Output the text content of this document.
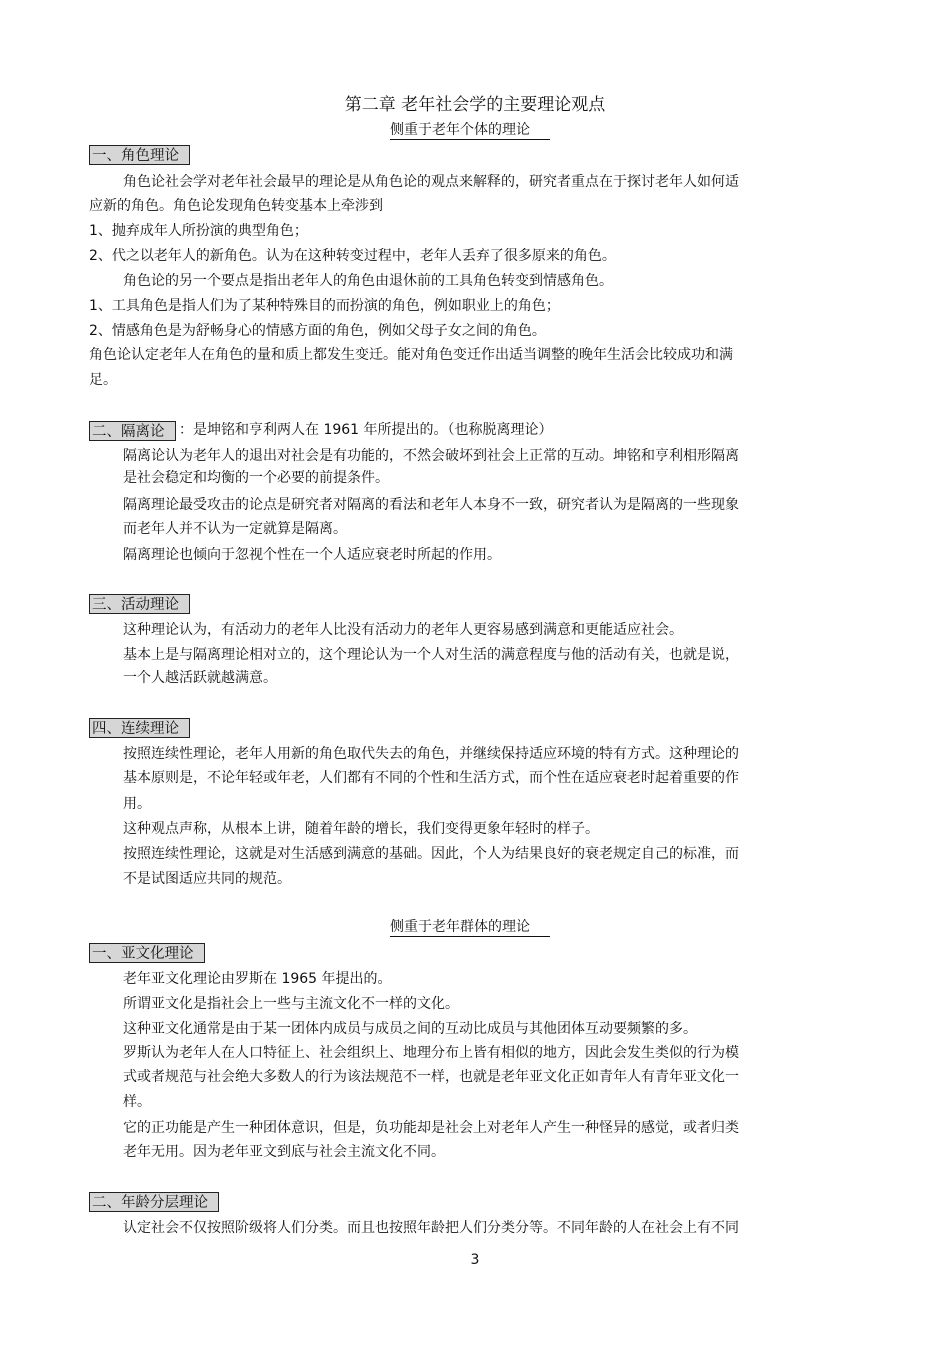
第二章 老年社会学的主要理论观点
侧重于老年个体的理论
一、角色理论
角色论社会学对老年社会最早的理论是从角色论的观点来解释的，研究者重点在于探讨老年人如何适
应新的角色。角色论发现角色转变基本上牵涉到
1、抛弃成年人所扮演的典型角色；
2、代之以老年人的新角色。认为在这种转变过程中，老年人丢弃了很多原来的角色。
角色论的另一个要点是指出老年人的角色由退休前的工具角色转变到情感角色。
1、工具角色是指人们为了某种特殊目的而扮演的角色，例如职业上的角色；
2、情感角色是为舒畅身心的情感方面的角色，例如父母子女之间的角色。
角色论认定老年人在角色的量和质上都发生变迁。能对角色变迁作出适当调整的晚年生活会比较成功和满
足。
二、隔离论	：是坤铭和亨利两人在 1961 年所提出的。（也称脱离理论）
隔离论认为老年人的退出对社会是有功能的，不然会破坏到社会上正常的互动。坤铭和亨利相形隔离
是社会稳定和均衡的一个必要的前提条件。
隔离理论最受攻击的论点是研究者对隔离的看法和老年人本身不一致，研究者认为是隔离的一些现象
而老年人并不认为一定就算是隔离。
隔离理论也倾向于忽视个性在一个人适应衰老时所起的作用。
三、活动理论
这种理论认为，有活动力的老年人比没有活动力的老年人更容易感到满意和更能适应社会。
基本上是与隔离理论相对立的，这个理论认为一个人对生活的满意程度与他的活动有关，也就是说，
一个人越活跃就越满意。
四、连续理论
按照连续性理论，老年人用新的角色取代失去的角色，并继续保持适应环境的特有方式。这种理论的
基本原则是，不论年轻或年老，人们都有不同的个性和生活方式，而个性在适应衰老时起着重要的作
用。
这种观点声称，从根本上讲，随着年龄的增长，我们变得更象年轻时的样子。
按照连续性理论，这就是对生活感到满意的基础。因此，个人为结果良好的衰老规定自己的标准，而
不是试图适应共同的规范。
侧重于老年群体的理论
一、亚文化理论
老年亚文化理论由罗斯在 1965 年提出的。
所谓亚文化是指社会上一些与主流文化不一样的文化。
这种亚文化通常是由于某一团体内成员与成员之间的互动比成员与其他团体互动要频繁的多。
罗斯认为老年人在人口特征上、社会组织上、地理分布上皆有相似的地方，因此会发生类似的行为模
式或者规范与社会绝大多数人的行为该法规范不一样，也就是老年亚文化正如青年人有青年亚文化一
样。
它的正功能是产生一种团体意识，但是，负功能却是社会上对老年人产生一种怪异的感觉，或者归类
老年无用。因为老年亚文到底与社会主流文化不同。
二、年龄分层理论
认定社会不仅按照阶级将人们分类。而且也按照年龄把人们分类分等。不同年龄的人在社会上有不同
3
